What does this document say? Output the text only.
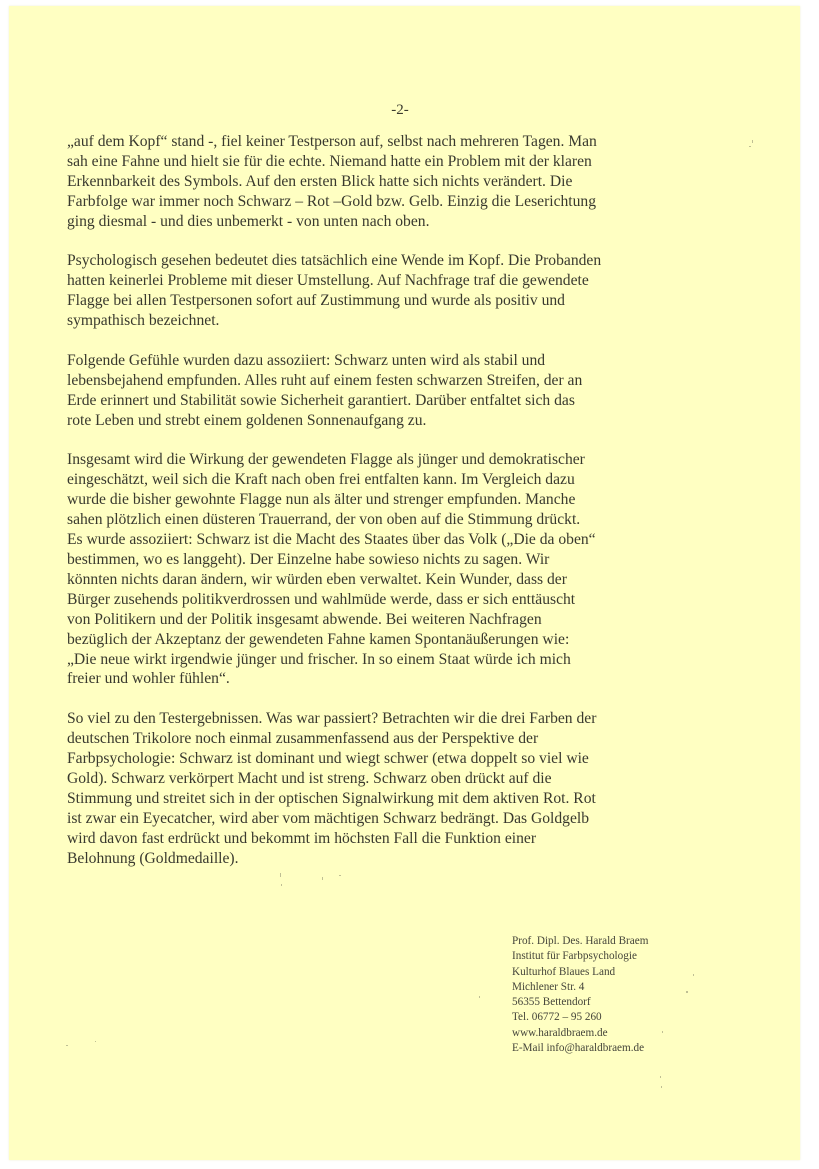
-2-

„auf dem Kopf“ stand -, fiel keiner Testperson auf, selbst nach mehreren Tagen. Man
sah eine Fahne und hielt sie für die echte. Niemand hatte ein Problem mit der klaren
Erkennbarkeit des Symbols. Auf den ersten Blick hatte sich nichts verändert. Die
Farbfolge war immer noch Schwarz – Rot –Gold bzw. Gelb. Einzig die Leserichtung
ging diesmal - und dies unbemerkt - von unten nach oben.

Psychologisch gesehen bedeutet dies tatsächlich eine Wende im Kopf. Die Probanden
hatten keinerlei Probleme mit dieser Umstellung. Auf Nachfrage traf die gewendete
Flagge bei allen Testpersonen sofort auf Zustimmung und wurde als positiv und
sympathisch bezeichnet.

Folgende Gefühle wurden dazu assoziiert: Schwarz unten wird als stabil und
lebensbejahend empfunden. Alles ruht auf einem festen schwarzen Streifen, der an
Erde erinnert und Stabilität sowie Sicherheit garantiert. Darüber entfaltet sich das
rote Leben und strebt einem goldenen Sonnenaufgang zu.

Insgesamt wird die Wirkung der gewendeten Flagge als jünger und demokratischer
eingeschätzt, weil sich die Kraft nach oben frei entfalten kann. Im Vergleich dazu
wurde die bisher gewohnte Flagge nun als älter und strenger empfunden. Manche
sahen plötzlich einen düsteren Trauerrand, der von oben auf die Stimmung drückt.
Es wurde assoziiert: Schwarz ist die Macht des Staates über das Volk („Die da oben“
bestimmen, wo es langgeht). Der Einzelne habe sowieso nichts zu sagen. Wir
könnten nichts daran ändern, wir würden eben verwaltet. Kein Wunder, dass der
Bürger zusehends politikverdrossen und wahlmüde werde, dass er sich enttäuscht
von Politikern und der Politik insgesamt abwende. Bei weiteren Nachfragen
bezüglich der Akzeptanz der gewendeten Fahne kamen Spontanäußerungen wie:
„Die neue wirkt irgendwie jünger und frischer. In so einem Staat würde ich mich
freier und wohler fühlen“.

So viel zu den Testergebnissen. Was war passiert? Betrachten wir die drei Farben der
deutschen Trikolore noch einmal zusammenfassend aus der Perspektive der
Farbpsychologie: Schwarz ist dominant und wiegt schwer (etwa doppelt so viel wie
Gold). Schwarz verkörpert Macht und ist streng. Schwarz oben drückt auf die
Stimmung und streitet sich in der optischen Signalwirkung mit dem aktiven Rot. Rot
ist zwar ein Eyecatcher, wird aber vom mächtigen Schwarz bedrängt. Das Goldgelb
wird davon fast erdrückt und bekommt im höchsten Fall die Funktion einer
Belohnung (Goldmedaille).

Prof. Dipl. Des. Harald Braem
Institut für Farbpsychologie
Kulturhof Blaues Land
Michlener Str. 4
56355 Bettendorf
Tel. 06772 – 95 260
www.haraldbraem.de
E-Mail info@haraldbraem.de
